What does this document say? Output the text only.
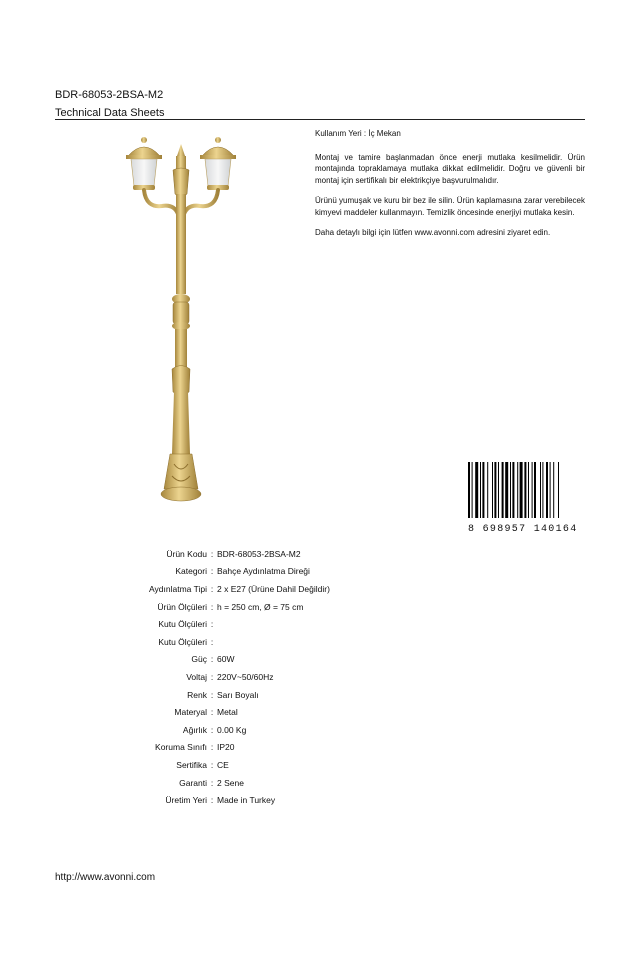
BDR-68053-2BSA-M2
Technical Data Sheets

Kullanım Yeri : İç Mekan

Montaj ve tamire başlanmadan önce enerji mutlaka kesilmelidir. Ürün montajında topraklamaya mutlaka dikkat edilmelidir. Doğru ve güvenli bir montaj için sertifikalı bir elektrikçiye başvurulmalıdır.

Ürünü yumuşak ve kuru bir bez ile silin. Ürün kaplamasına zarar verebilecek kimyevi maddeler kullanmayın. Temizlik öncesinde enerjiyi mutlaka kesin.

Daha detaylı bilgi için lütfen www.avonni.com adresini ziyaret edin.

8 698957 140164
Ürün Kodu : BDR-68053-2BSA-M2
Kategori : Bahçe Aydınlatma Direği
Aydınlatma Tipi : 2 x E27 (Ürüne Dahil Değildir)
Ürün Ölçüleri : h = 250 cm, Ø = 75 cm
Kutu Ölçüleri :
Kutu Ölçüleri :
Güç : 60W
Voltaj : 220V~50/60Hz
Renk : Sarı Boyalı
Materyal : Metal
Ağırlık : 0.00 Kg
Koruma Sınıfı : IP20
Sertifika : CE
Garanti : 2 Sene
Üretim Yeri : Made in Turkey
http://www.avonni.com
